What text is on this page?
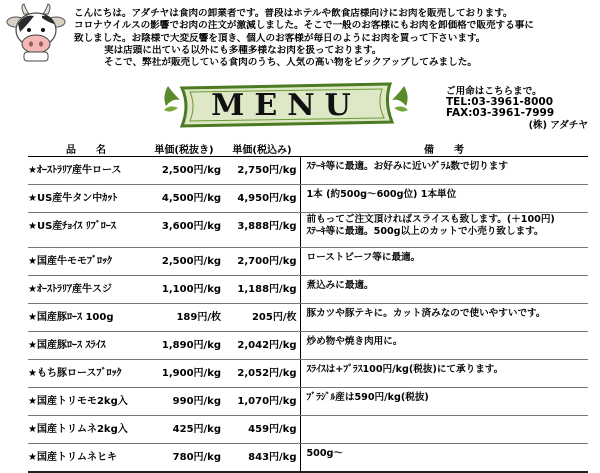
こんにちは。アダチヤは食肉の卸業者です。普段はホテルや飲食店様向けにお肉を販売しております。
コロナウイルスの影響でお肉の注文が激減しました。そこで一般のお客様にもお肉を卸価格で販売する事に
致しました。お陰様で大変反響を頂き、個人のお客様が毎日のようにお肉を買って下さいます。
実は店頭に出ている以外にも多種多様なお肉を扱っております。
そこで、弊社が販売している食肉のうち、人気の高い物をピックアップしてみました。
MENU	ご用命はこちらまで。
TEL:03-3961-8000
FAX:03-3961-7999
(株) アダチヤ
品　　名	単価(税抜き)	単価(税込み)	備　　考
★ｵｰｽﾄﾗﾘｱ産牛ロース	2,500円/kg	2,750円/kg	ｽﾃｰｷ等に最適。お好みに近いｸﾞﾗﾑ数で切ります
★US産牛タン中ｶｯﾄ	4,500円/kg	4,950円/kg	1本 (約500g～600g位) 1本単位
★US産ﾁｮｲｽ ﾘﾌﾞﾛｰｽ	3,600円/kg	3,888円/kg	前もってご注文頂ければスライスも致します。(＋100円)
ｽﾃｰｷ等に最適。500g以上のカットで小売り致します。

★国産牛モモﾌﾞﾛｯｸ	2,500円/kg	2,700円/kg	ローストビーフ等に最適。
★ｵｰｽﾄﾗﾘｱ産牛スジ	1,100円/kg	1,188円/kg	煮込みに最適。
★国産豚ﾛｰｽ 100g	189円/枚	205円/枚	豚カツや豚テキに。カット済みなので使いやすいです。
★国産豚ﾛｰｽ ｽﾗｲｽ	1,890円/kg	2,042円/kg	炒め物や焼き肉用に。
★もち豚ロースﾌﾞﾛｯｸ	1,900円/kg	2,052円/kg	ｽﾗｲｽは+ﾌﾟﾗｽ100円/kg(税抜)にて承ります。
★国産トリモモ2kg入	990円/kg	1,070円/kg	ﾌﾞﾗｼﾞﾙ産は590円/kg(税抜)
★国産トリムネ2kg入	425円/kg	459円/kg	
★国産トリムネヒキ	780円/kg	843円/kg	500g～
